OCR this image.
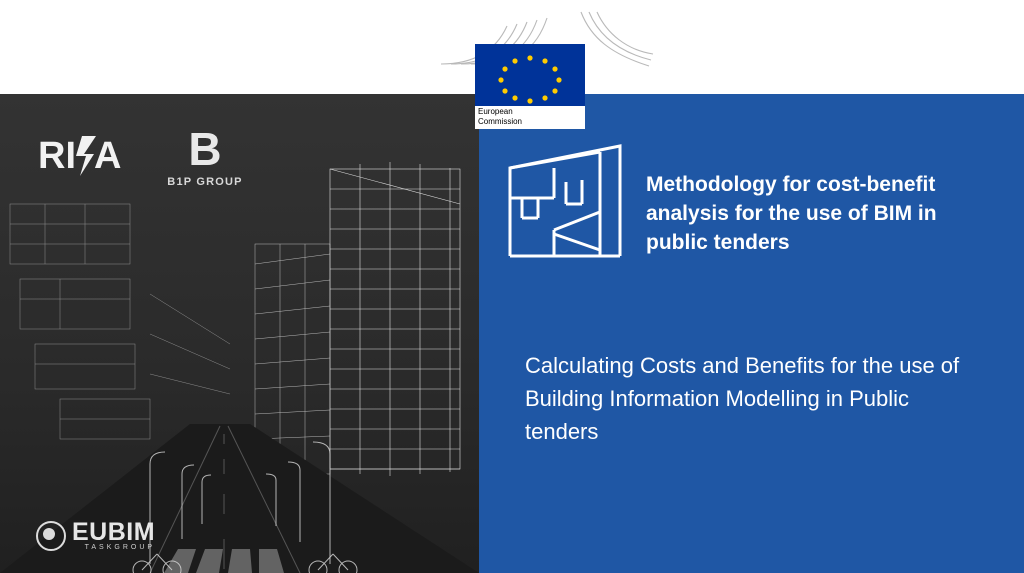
RI A	B
B1P GROUP
EUBIM
TASKGROUP
Methodology for cost-benefit analysis for the use of BIM in public tenders
Calculating Costs and Benefits for the use of Building Information Modelling in Public tenders
European
Commission
